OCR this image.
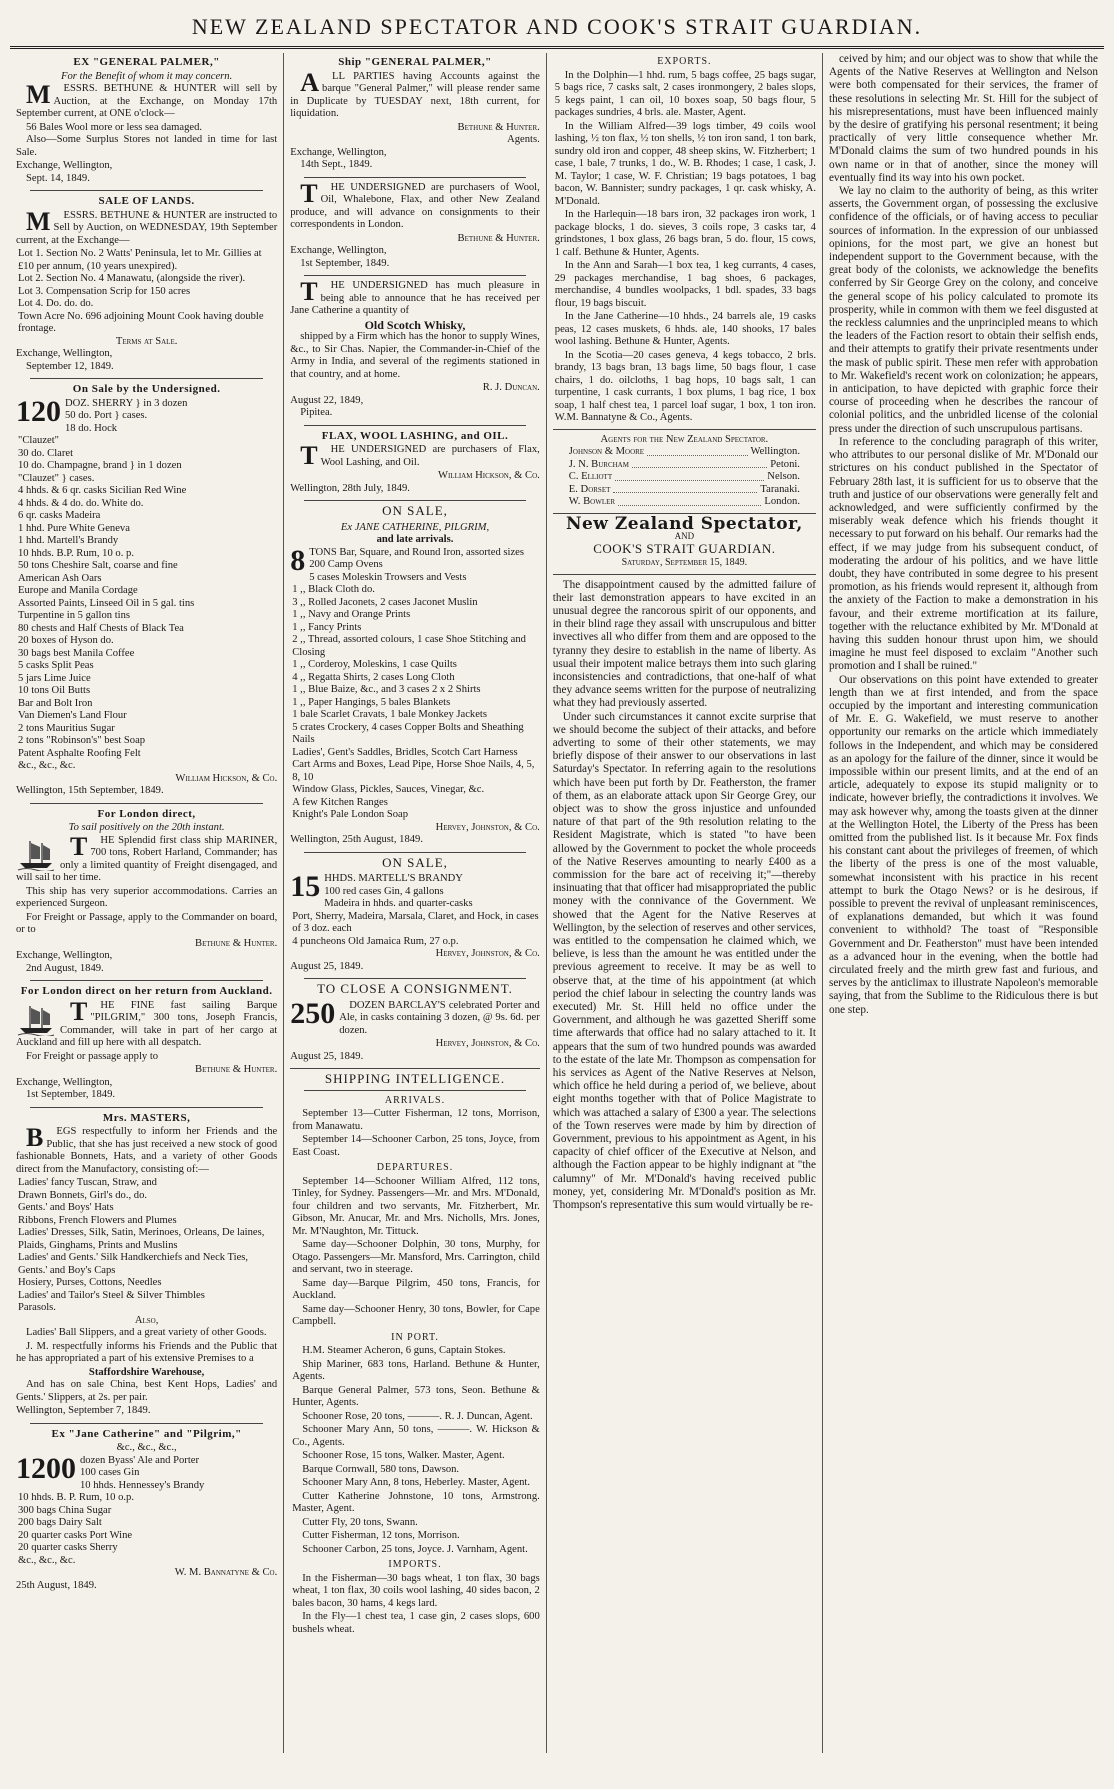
NEW ZEALAND SPECTATOR AND COOK'S STRAIT GUARDIAN.
EX "GENERAL PALMER,"
For the Benefit of whom it may concern.
M ESSRS. BETHUNE & HUNTER will sell by Auction, at the Exchange, on Monday 17th September current, at ONE o'clock—
56 Bales Wool more or less sea damaged.
Also—Some Surplus Stores not landed in time for last Sale.
Exchange, Wellington,
Sept. 14, 1849.
SALE OF LANDS.
M ESSRS. BETHUNE & HUNTER are instructed to Sell by Auction, on WEDNESDAY, 19th September current, at the Exchange—
Lot 1. Section No. 2 Watts' Peninsula, let to Mr. Gillies at £10 per annum, (10 years unexpired).
Lot 2. Section No. 4 Manawatu, (alongside the river).
Lot 3. Compensation Scrip for 150 acres
Lot 4. Do. do. do.
Town Acre No. 696 adjoining Mount Cook having double frontage.
Terms at Sale.
Exchange, Wellington,
September 12, 1849.
On Sale by the Undersigned.
120 DOZ. SHERRY } in 3 dozen
50 do. Port } cases.
18 do. Hock
"Clauzet"
30 do. Claret
10 do. Champagne, brand } in 1 dozen
"Clauzet" } cases.
4 hhds. & 6 qr. casks Sicilian Red Wine
4 hhds. & 4 do. do. White do.
6 qr. casks Madeira
1 hhd. Pure White Geneva
1 hhd. Martell's Brandy
10 hhds. B.P. Rum, 10 o. p.
50 tons Cheshire Salt, coarse and fine
American Ash Oars
Europe and Manila Cordage
Assorted Paints, Linseed Oil in 5 gal. tins
Turpentine in 5 gallon tins
80 chests and Half Chests of Black Tea
20 boxes of Hyson do.
30 bags best Manila Coffee
5 casks Split Peas
5 jars Lime Juice
10 tons Oil Butts
Bar and Bolt Iron
Van Diemen's Land Flour
2 tons Mauritius Sugar
2 tons "Robinson's" best Soap
Patent Asphalte Roofing Felt
&c., &c., &c.
William Hickson, & Co.
Wellington, 15th September, 1849.
For London direct,
To sail positively on the 20th instant.
T HE Splendid first class ship MARINER, 700 tons, Robert Harland, Commander; has only a limited quantity of Freight disengaged, and will sail to her time.
This ship has very superior accommodations. Carries an experienced Surgeon.
For Freight or Passage, apply to the Commander on board, or to
Bethune & Hunter.
Exchange, Wellington,
2nd August, 1849.
For London direct on her return from Auckland.
T HE FINE fast sailing Barque "PILGRIM," 300 tons, Joseph Francis, Commander, will take in part of her cargo at Auckland and fill up here with all despatch.
For Freight or passage apply to
Bethune & Hunter.
Exchange, Wellington,
1st September, 1849.
Mrs. MASTERS,
B EGS respectfully to inform her Friends and the Public, that she has just received a new stock of good fashionable Bonnets, Hats, and a variety of other Goods direct from the Manufactory, consisting of:—
Ladies' fancy Tuscan, Straw, and
Drawn Bonnets, Girl's do., do.
Gents.' and Boys' Hats
Ribbons, French Flowers and Plumes
Ladies' Dresses, Silk, Satin, Merinoes, Orleans, De laines, Plaids, Ginghams, Prints and Muslins
Ladies' and Gents.' Silk Handkerchiefs and Neck Ties,
Gents.' and Boy's Caps
Hosiery, Purses, Cottons, Needles
Ladies' and Tailor's Steel & Silver Thimbles
Parasols.
Also,
Ladies' Ball Slippers, and a great variety of other Goods.
J. M. respectfully informs his Friends and the Public that he has appropriated a part of his extensive Premises to a
Staffordshire Warehouse,
And has on sale China, best Kent Hops, Ladies' and Gents.' Slippers, at 2s. per pair.
Wellington, September 7, 1849.
Ex "Jane Catherine" and "Pilgrim,"
&c., &c., &c.,
1200 dozen Byass' Ale and Porter
100 cases Gin
10 hhds. Hennessey's Brandy
10 hhds. B. P. Rum, 10 o.p.
300 bags China Sugar
200 bags Dairy Salt
20 quarter casks Port Wine
20 quarter casks Sherry
&c., &c., &c.
W. M. Bannatyne & Co.
25th August, 1849.
Ship "GENERAL PALMER,"
A LL PARTIES having Accounts against the barque "General Palmer," will please render same in Duplicate by TUESDAY next, 18th current, for liquidation.
Bethune & Hunter.
Agents.
Exchange, Wellington,
14th Sept., 1849.
T HE UNDERSIGNED are purchasers of Wool, Oil, Whalebone, Flax, and other New Zealand produce, and will advance on consignments to their correspondents in London.
Bethune & Hunter.
Exchange, Wellington,
1st September, 1849.
T HE UNDERSIGNED has much pleasure in being able to announce that he has received per Jane Catherine a quantity of
Old Scotch Whisky,
shipped by a Firm which has the honor to supply Wines, &c., to Sir Chas. Napier, the Commander-in-Chief of the Army in India, and several of the regiments stationed in that country, and at home.
R. J. Duncan.
August 22, 1849,
Pipitea.
FLAX, WOOL LASHING, and OIL.
T HE UNDERSIGNED are purchasers of Flax, Wool Lashing, and Oil.
William Hickson, & Co.
Wellington, 28th July, 1849.
ON SALE,
Ex JANE CATHERINE, PILGRIM,
and late arrivals.
8 TONS Bar, Square, and Round Iron, assorted sizes
200 Camp Ovens
5 cases Moleskin Trowsers and Vests
1 ,, Black Cloth do.
3 ,, Rolled Jaconets, 2 cases Jaconet Muslin
1 ,, Navy and Orange Prints
1 ,, Fancy Prints
2 ,, Thread, assorted colours, 1 case Shoe Stitching and Closing
1 ,, Corderoy, Moleskins, 1 case Quilts
4 ,, Regatta Shirts, 2 cases Long Cloth
1 ,, Blue Baize, &c., and 3 cases 2 x 2 Shirts
1 ,, Paper Hangings, 5 bales Blankets
1 bale Scarlet Cravats, 1 bale Monkey Jackets
5 crates Crockery, 4 cases Copper Bolts and Sheathing Nails
Ladies', Gent's Saddles, Bridles, Scotch Cart Harness
Cart Arms and Boxes, Lead Pipe, Horse Shoe Nails, 4, 5, 8, 10
Window Glass, Pickles, Sauces, Vinegar, &c.
A few Kitchen Ranges
Knight's Pale London Soap
Hervey, Johnston, & Co.
Wellington, 25th August, 1849.
ON SALE,
15 HHDS. MARTELL'S BRANDY
100 red cases Gin, 4 gallons
Madeira in hhds. and quarter-casks
Port, Sherry, Madeira, Marsala, Claret, and Hock, in cases of 3 doz. each
4 puncheons Old Jamaica Rum, 27 o.p.
Hervey, Johnston, & Co.
August 25, 1849.
TO CLOSE A CONSIGNMENT.
250	DOZEN BARCLAY'S celebrated Porter and Ale, in casks containing 3 dozen, @ 9s. 6d. per dozen.
Hervey, Johnston, & Co.
August 25, 1849.
SHIPPING INTELLIGENCE.
ARRIVALS.
September 13—Cutter Fisherman, 12 tons, Morrison, from Manawatu.
September 14—Schooner Carbon, 25 tons, Joyce, from East Coast.
DEPARTURES.
September 14—Schooner William Alfred, 112 tons, Tinley, for Sydney. Passengers—Mr. and Mrs. M'Donald, four children and two servants, Mr. Fitzherbert, Mr. Gibson, Mr. Anucar, Mr. and Mrs. Nicholls, Mrs. Jones, Mr. M'Naughton, Mr. Tittuck.
Same day—Schooner Dolphin, 30 tons, Murphy, for Otago. Passengers—Mr. Mansford, Mrs. Carrington, child and servant, two in steerage.
Same day—Barque Pilgrim, 450 tons, Francis, for Auckland.
Same day—Schooner Henry, 30 tons, Bowler, for Cape Campbell.
IN PORT.
H.M. Steamer Acheron, 6 guns, Captain Stokes.
Ship Mariner, 683 tons, Harland. Bethune & Hunter, Agents.
Barque General Palmer, 573 tons, Seon. Bethune & Hunter, Agents.
Schooner Rose, 20 tons, ———. R. J. Duncan, Agent.
Schooner Mary Ann, 50 tons, ———. W. Hickson & Co., Agents.
Schooner Rose, 15 tons, Walker. Master, Agent.
Barque Cornwall, 580 tons, Dawson.
Schooner Mary Ann, 8 tons, Heberley. Master, Agent.
Cutter Katherine Johnstone, 10 tons, Armstrong. Master, Agent.
Cutter Fly, 20 tons, Swann.
Cutter Fisherman, 12 tons, Morrison.
Schooner Carbon, 25 tons, Joyce. J. Varnham, Agent.
IMPORTS.
In the Fisherman—30 bags wheat, 1 ton flax, 30 bags wheat, 1 ton flax, 30 coils wool lashing, 40 sides bacon, 2 bales bacon, 30 hams, 4 kegs lard.
In the Fly—1 chest tea, 1 case gin, 2 cases slops, 600 bushels wheat.
EXPORTS.
In the Dolphin—1 hhd. rum, 5 bags coffee, 25 bags sugar, 5 bags rice, 7 casks salt, 2 cases ironmongery, 2 bales slops, 5 kegs paint, 1 can oil, 10 boxes soap, 50 bags flour, 5 packages sundries, 4 brls. ale. Master, Agent.
In the William Alfred—39 logs timber, 49 coils wool lashing, ½ ton flax, ½ ton shells, ½ ton iron sand, 1 ton bark, sundry old iron and copper, 48 sheep skins, W. Fitzherbert; 1 case, 1 bale, 7 trunks, 1 do., W. B. Rhodes; 1 case, 1 cask, J. M. Taylor; 1 case, W. F. Christian; 19 bags potatoes, 1 bag bacon, W. Bannister; sundry packages, 1 qr. cask whisky, A. M'Donald.
In the Harlequin—18 bars iron, 32 packages iron work, 1 package blocks, 1 do. sieves, 3 coils rope, 3 casks tar, 4 grindstones, 1 box glass, 26 bags bran, 5 do. flour, 15 cows, 1 calf. Bethune & Hunter, Agents.
In the Ann and Sarah—1 box tea, 1 keg currants, 4 cases, 29 packages merchandise, 1 bag shoes, 6 packages, merchandise, 4 bundles woolpacks, 1 bdl. spades, 33 bags flour, 19 bags biscuit.
In the Jane Catherine—10 hhds., 24 barrels ale, 19 casks peas, 12 cases muskets, 6 hhds. ale, 140 shooks, 17 bales wool lashing. Bethune & Hunter, Agents.
In the Scotia—20 cases geneva, 4 kegs tobacco, 2 brls. brandy, 13 bags bran, 13 bags lime, 50 bags flour, 1 case chairs, 1 do. oilcloths, 1 bag hops, 10 bags salt, 1 can turpentine, 1 cask currants, 1 box plums, 1 bag rice, 1 box soap, 1 half chest tea, 1 parcel loaf sugar, 1 box, 1 ton iron. W.M. Bannatyne & Co., Agents.
Agents for the New Zealand Spectator.
Johnson & Moore	Wellington.
J. N. Burcham	Petoni.
C. Elliott	Nelson.
E. Dorset	Taranaki.
W. Bowler	London.
New Zealand Spectator,
AND
COOK'S STRAIT GUARDIAN.
Saturday, September 15, 1849.

The disappointment caused by the admitted failure of their last demonstration appears to have excited in an unusual degree the rancorous spirit of our opponents, and in their blind rage they assail with unscrupulous and bitter invectives all who differ from them and are opposed to the tyranny they desire to establish in the name of liberty. As usual their impotent malice betrays them into such glaring inconsistencies and contradictions, that one-half of what they advance seems written for the purpose of neutralizing what they had previously asserted.

Under such circumstances it cannot excite surprise that we should become the subject of their attacks, and before adverting to some of their other statements, we may briefly dispose of their answer to our observations in last Saturday's Spectator. In referring again to the resolutions which have been put forth by Dr. Featherston, the framer of them, as an elaborate attack upon Sir George Grey, our object was to show the gross injustice and unfounded nature of that part of the 9th resolution relating to the Resident Magistrate, which is stated "to have been allowed by the Government to pocket the whole proceeds of the Native Reserves amounting to nearly £400 as a commission for the bare act of receiving it;"—thereby insinuating that that officer had misappropriated the public money with the connivance of the Government. We showed that the Agent for the Native Reserves at Wellington, by the selection of reserves and other services, was entitled to the compensation he claimed which, we believe, is less than the amount he was entitled under the previous agreement to receive. It may be as well to observe that, at the time of his appointment (at which period the chief labour in selecting the country lands was executed) Mr. St. Hill held no office under the Government, and although he was gazetted Sheriff some time afterwards that office had no salary attached to it. It appears that the sum of two hundred pounds was awarded to the estate of the late Mr. Thompson as compensation for his services as Agent of the Native Reserves at Nelson, which office he held during a period of, we believe, about eight months together with that of Police Magistrate to which was attached a salary of £300 a year. The selections of the Town reserves were made by him by direction of Government, previous to his appointment as Agent, in his capacity of chief officer of the Executive at Nelson, and although the Faction appear to be highly indignant at "the calumny" of Mr. M'Donald's having received public money, yet, considering Mr. M'Donald's position as Mr. Thompson's representative this sum would virtually be re-

ceived by him; and our object was to show that while the Agents of the Native Reserves at Wellington and Nelson were both compensated for their services, the framer of these resolutions in selecting Mr. St. Hill for the subject of his misrepresentations, must have been influenced mainly by the desire of gratifying his personal resentment; it being practically of very little consequence whether Mr. M'Donald claims the sum of two hundred pounds in his own name or in that of another, since the money will eventually find its way into his own pocket.

We lay no claim to the authority of being, as this writer asserts, the Government organ, of possessing the exclusive confidence of the officials, or of having access to peculiar sources of information. In the expression of our unbiassed opinions, for the most part, we give an honest but independent support to the Government because, with the great body of the colonists, we acknowledge the benefits conferred by Sir George Grey on the colony, and conceive the general scope of his policy calculated to promote its prosperity, while in common with them we feel disgusted at the reckless calumnies and the unprincipled means to which the leaders of the Faction resort to obtain their selfish ends, and their attempts to gratify their private resentments under the mask of public spirit. These men refer with approbation to Mr. Wakefield's recent work on colonization; he appears, in anticipation, to have depicted with graphic force their course of proceeding when he describes the rancour of colonial politics, and the unbridled license of the colonial press under the direction of such unscrupulous partisans.

In reference to the concluding paragraph of this writer, who attributes to our personal dislike of Mr. M'Donald our strictures on his conduct published in the Spectator of February 28th last, it is sufficient for us to observe that the truth and justice of our observations were generally felt and acknowledged, and were sufficiently confirmed by the miserably weak defence which his friends thought it necessary to put forward on his behalf. Our remarks had the effect, if we may judge from his subsequent conduct, of moderating the ardour of his politics, and we have little doubt, they have contributed in some degree to his present promotion, as his friends would represent it, although from the anxiety of the Faction to make a demonstration in his favour, and their extreme mortification at its failure, together with the reluctance exhibited by Mr. M'Donald at having this sudden honour thrust upon him, we should imagine he must feel disposed to exclaim "Another such promotion and I shall be ruined."

Our observations on this point have extended to greater length than we at first intended, and from the space occupied by the important and interesting communication of Mr. E. G. Wakefield, we must reserve to another opportunity our remarks on the article which immediately follows in the Independent, and which may be considered as an apology for the failure of the dinner, since it would be impossible within our present limits, and at the end of an article, adequately to expose its stupid malignity or to indicate, however briefly, the contradictions it involves. We may ask however why, among the toasts given at the dinner at the Wellington Hotel, the Liberty of the Press has been omitted from the published list. Is it because Mr. Fox finds his constant cant about the privileges of freemen, of which the liberty of the press is one of the most valuable, somewhat inconsistent with his practice in his recent attempt to burk the Otago News? or is he desirous, if possible to prevent the revival of unpleasant reminiscences, of explanations demanded, but which it was found convenient to withhold? The toast of "Responsible Government and Dr. Featherston" must have been intended as a advanced hour in the evening, when the bottle had circulated freely and the mirth grew fast and furious, and serves by the anticlimax to illustrate Napoleon's memorable saying, that from the Sublime to the Ridiculous there is but one step.
